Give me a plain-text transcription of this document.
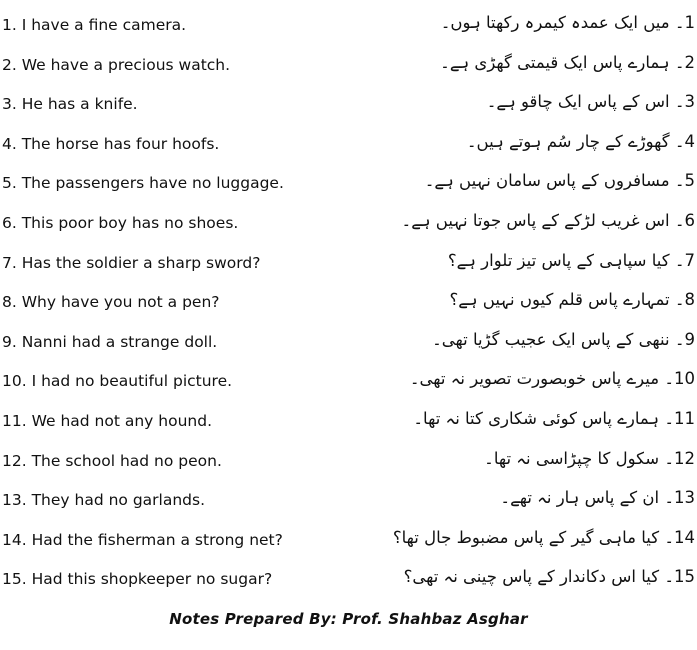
1. I have a fine camera.	1۔ میں ایک عمدہ کیمرہ رکھتا ہوں۔
2. We have a precious watch.	2۔ ہمارے پاس ایک قیمتی گھڑی ہے۔
3. He has a knife.	3۔ اس کے پاس ایک چاقو ہے۔
4. The horse has four hoofs.	4۔ گھوڑے کے چار سُم ہوتے ہیں۔
5. The passengers have no luggage.	5۔ مسافروں کے پاس سامان نہیں ہے۔
6. This poor boy has no shoes.	6۔ اس غریب لڑکے کے پاس جوتا نہیں ہے۔
7. Has the soldier a sharp sword?	7۔ کیا سپاہی کے پاس تیز تلوار ہے؟
8. Why have you not a pen?	8۔ تمہارے پاس قلم کیوں نہیں ہے؟
9. Nanni had a strange doll.	9۔ ننھی کے پاس ایک عجیب گڑیا تھی۔
10. I had no beautiful picture.	10۔ میرے پاس خوبصورت تصویر نہ تھی۔
11. We had not any hound.	11۔ ہمارے پاس کوئی شکاری کتا نہ تھا۔
12. The school had no peon.	12۔ سکول کا چپڑاسی نہ تھا۔
13. They had no garlands.	13۔ ان کے پاس ہار نہ تھے۔
14. Had the fisherman a strong net?	14۔ کیا ماہی گیر کے پاس مضبوط جال تھا؟
15. Had this shopkeeper no sugar?	15۔ کیا اس دکاندار کے پاس چینی نہ تھی؟
Notes Prepared By: Prof. Shahbaz Asghar
